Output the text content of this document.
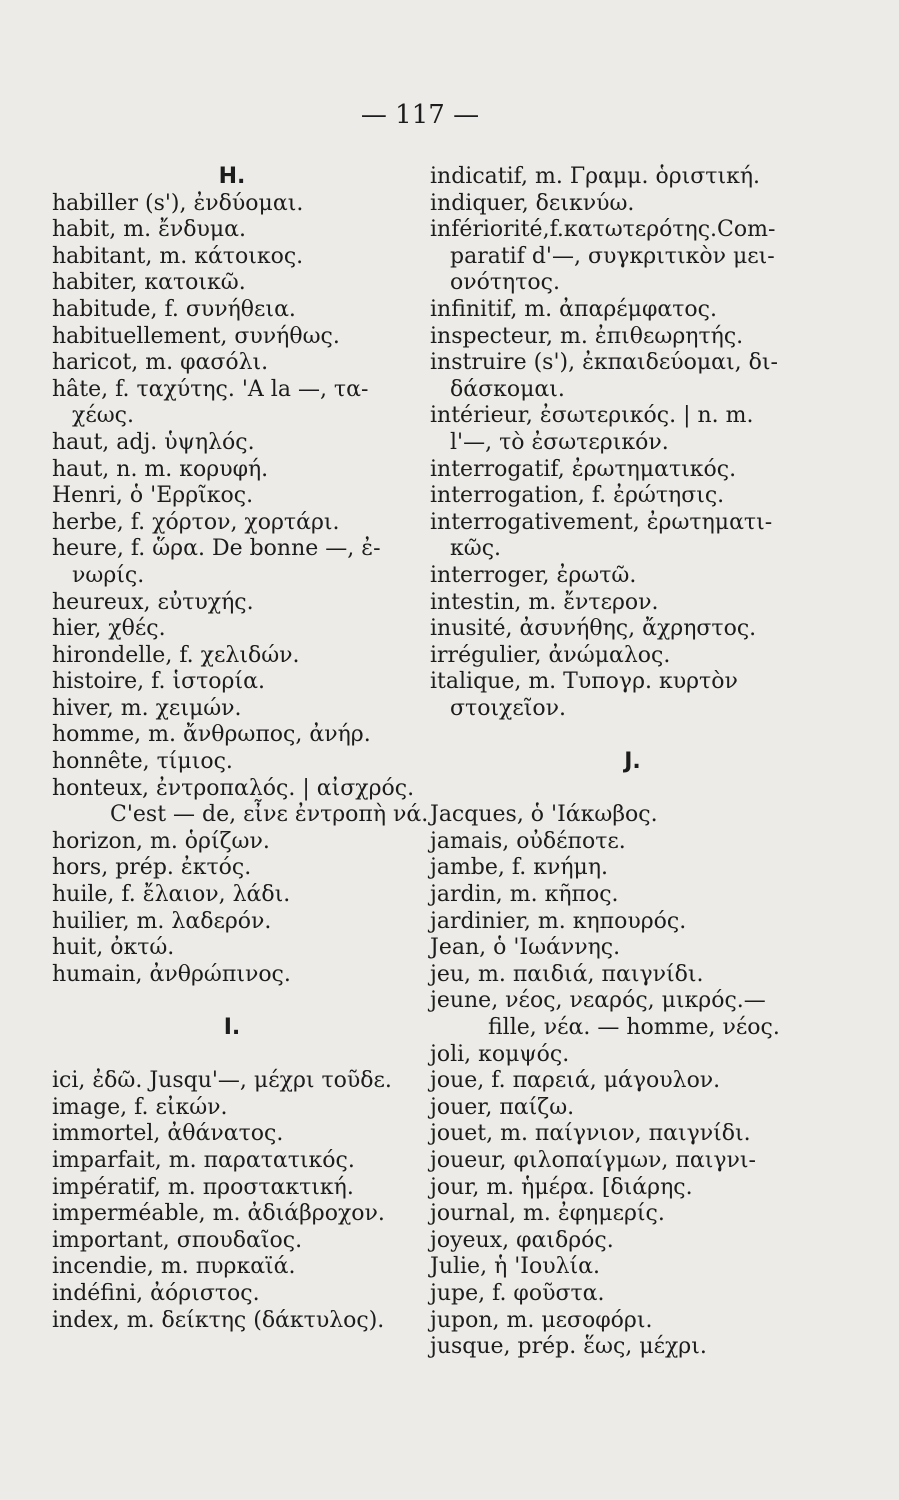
— 117 —
H.
habiller (s'), ἐνδύομαι.
habit, m. ἔνδυμα.
habitant, m. κάτοικος.
habiter, κατοικῶ.
habitude, f. συνήθεια.
habituellement, συνήθως.
haricot, m. φασόλι.
hâte, f. ταχύτης. 'A la —, τα-
χέως.
haut, adj. ὑψηλός.
haut, n. m. κορυφή.
Henri, ὁ 'Ερρῖκος.
herbe, f. χόρτον, χορτάρι.
heure, f. ὥρα. De bonne —, ἐ-
νωρίς.
heureux, εὐτυχής.
hier, χθές.
hirondelle, f. χελιδών.
histoire, f. ἱστορία.
hiver, m. χειμών.
homme, m. ἄνθρωπος, ἀνήρ.
honnête, τίμιος.
honteux, ἐντροπαλός. | αἰσχρός.
C'est — de, εἶνε ἐντροπὴ νά.
horizon, m. ὁρίζων.
hors, prép. ἐκτός.
huile, f. ἔλαιον, λάδι.
huilier, m. λαδερόν.
huit, ὀκτώ.
humain, ἀνθρώπινος.
I.
ici, ἐδῶ. Jusqu'—, μέχρι τοῦδε.
image, f. εἰκών.
immortel, ἀθάνατος.
imparfait, m. παρατατικός.
impératif, m. προστακτική.
imperméable, m. ἀδιάβροχον.
important, σπουδαῖος.
incendie, m. πυρκαϊά.
indéfini, ἀόριστος.
index, m. δείκτης (δάκτυλος).
indicatif, m. Γραμμ. ὁριστική.
indiquer, δεικνύω.
infériorité,f.κατωτερότης.Com-
paratif d'—, συγκριτικὸν μει-
ονότητος.
infinitif, m. ἀπαρέμφατος.
inspecteur, m. ἐπιθεωρητής.
instruire (s'), ἐκπαιδεύομαι, δι-
δάσκομαι.
intérieur, ἐσωτερικός. | n. m.
l'—, τὸ ἐσωτερικόν.
interrogatif, ἐρωτηματικός.
interrogation, f. ἐρώτησις.
interrogativement, ἐρωτηματι-
κῶς.
interroger, ἐρωτῶ.
intestin, m. ἔντερον.
inusité, ἀσυνήθης, ἄχρηστος.
irrégulier, ἀνώμαλος.
italique, m. Τυπογρ. κυρτὸν
στοιχεῖον.
J.
Jacques, ὁ 'Ιάκωβος.
jamais, οὐδέποτε.
jambe, f. κνήμη.
jardin, m. κῆπος.
jardinier, m. κηπουρός.
Jean, ὁ 'Ιωάννης.
jeu, m. παιδιά, παιγνίδι.
jeune, νέος, νεαρός, μικρός.—
fille, νέα. — homme, νέος.
joli, κομψός.
joue, f. παρειά, μάγουλον.
jouer, παίζω.
jouet, m. παίγνιον, παιγνίδι.
joueur, φιλοπαίγμων, παιγνι-
jour, m. ἡμέρα. [διάρης.
journal, m. ἐφημερίς.
joyeux, φαιδρός.
Julie, ἡ 'Ιουλία.
jupe, f. φοῦστα.
jupon, m. μεσοφόρι.
jusque, prép. ἕως, μέχρι.
